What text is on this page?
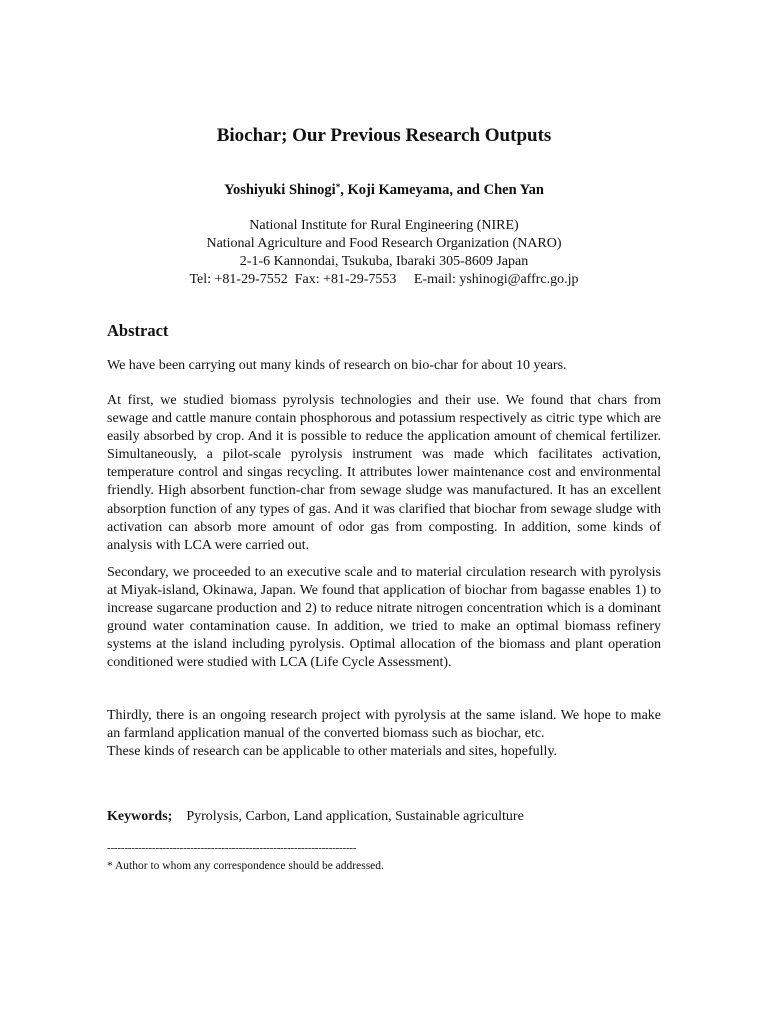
Biochar; Our Previous Research Outputs
Yoshiyuki Shinogi*, Koji Kameyama, and Chen Yan
National Institute for Rural Engineering (NIRE)
National Agriculture and Food Research Organization (NARO)
2-1-6 Kannondai, Tsukuba, Ibaraki 305-8609 Japan
Tel: +81-29-7552  Fax: +81-29-7553     E-mail: yshinogi@affrc.go.jp
Abstract

We have been carrying out many kinds of research on bio-char for about 10 years.

At first, we studied biomass pyrolysis technologies and their use. We found that chars from sewage and cattle manure contain phosphorous and potassium respectively as citric type which are easily absorbed by crop. And it is possible to reduce the application amount of chemical fertilizer. Simultaneously, a pilot-scale pyrolysis instrument was made which facilitates activation, temperature control and singas recycling. It attributes lower maintenance cost and environmental friendly. High absorbent function-char from sewage sludge was manufactured. It has an excellent absorption function of any types of gas. And it was clarified that biochar from sewage sludge with activation can absorb more amount of odor gas from composting. In addition, some kinds of analysis with LCA were carried out.

Secondary, we proceeded to an executive scale and to material circulation research with pyrolysis at Miyak-island, Okinawa, Japan. We found that application of biochar from bagasse enables 1) to increase sugarcane production and 2) to reduce nitrate nitrogen concentration which is a dominant ground water contamination cause. In addition, we tried to make an optimal biomass refinery systems at the island including pyrolysis. Optimal allocation of the biomass and plant operation conditioned were studied with LCA (Life Cycle Assessment).

Thirdly, there is an ongoing research project with pyrolysis at the same island. We hope to make an farmland application manual of the converted biomass such as biochar, etc.

These kinds of research can be applicable to other materials and sites, hopefully.

Keywords; Pyrolysis, Carbon, Land application, Sustainable agriculture
------------------------------------------------------------------------
* Author to whom any correspondence should be addressed.
